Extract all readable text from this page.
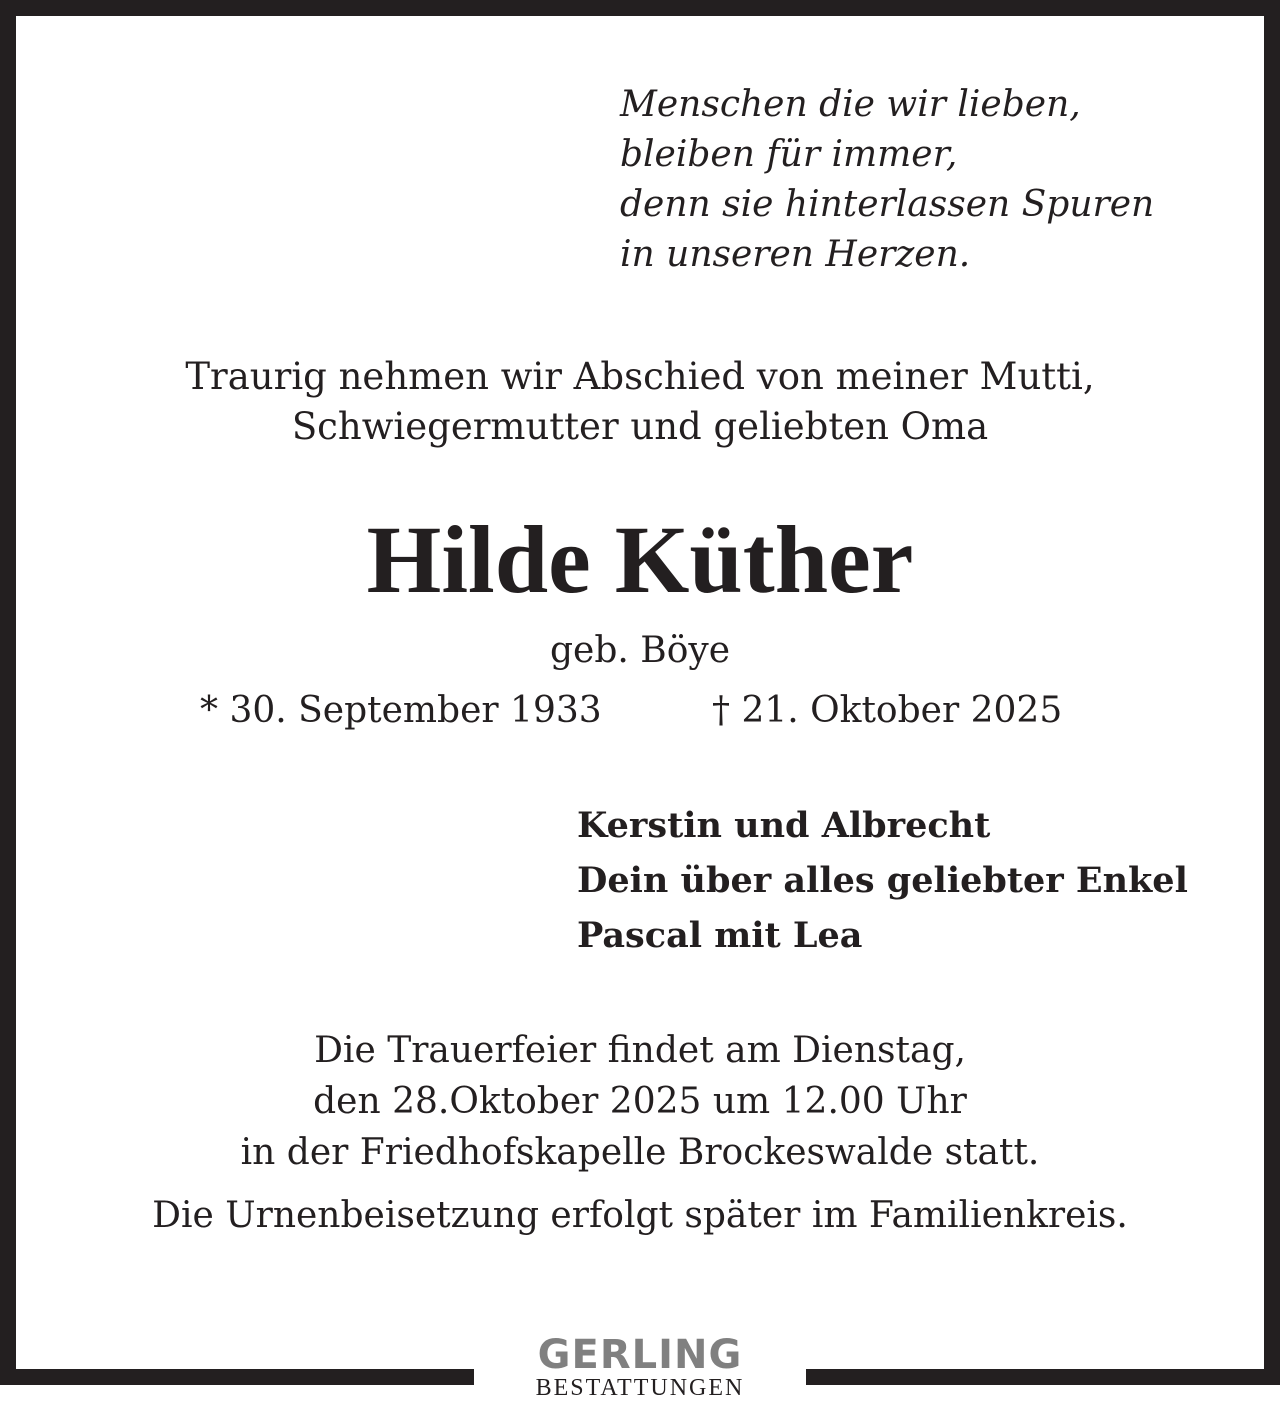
Menschen die wir lieben,
bleiben für immer,
denn sie hinterlassen Spuren
in unseren Herzen.
Traurig nehmen wir Abschied von meiner Mutti,
Schwiegermutter und geliebten Oma
Hilde Küther
geb. Böye
* 30. September 1933	† 21. Oktober 2025
Kerstin und Albrecht
Dein über alles geliebter Enkel
Pascal mit Lea
Die Trauerfeier findet am Dienstag,
den 28.Oktober 2025 um 12.00 Uhr
in der Friedhofskapelle Brockeswalde statt.
Die Urnenbeisetzung erfolgt später im Familienkreis.
GERLING
BESTATTUNGEN
